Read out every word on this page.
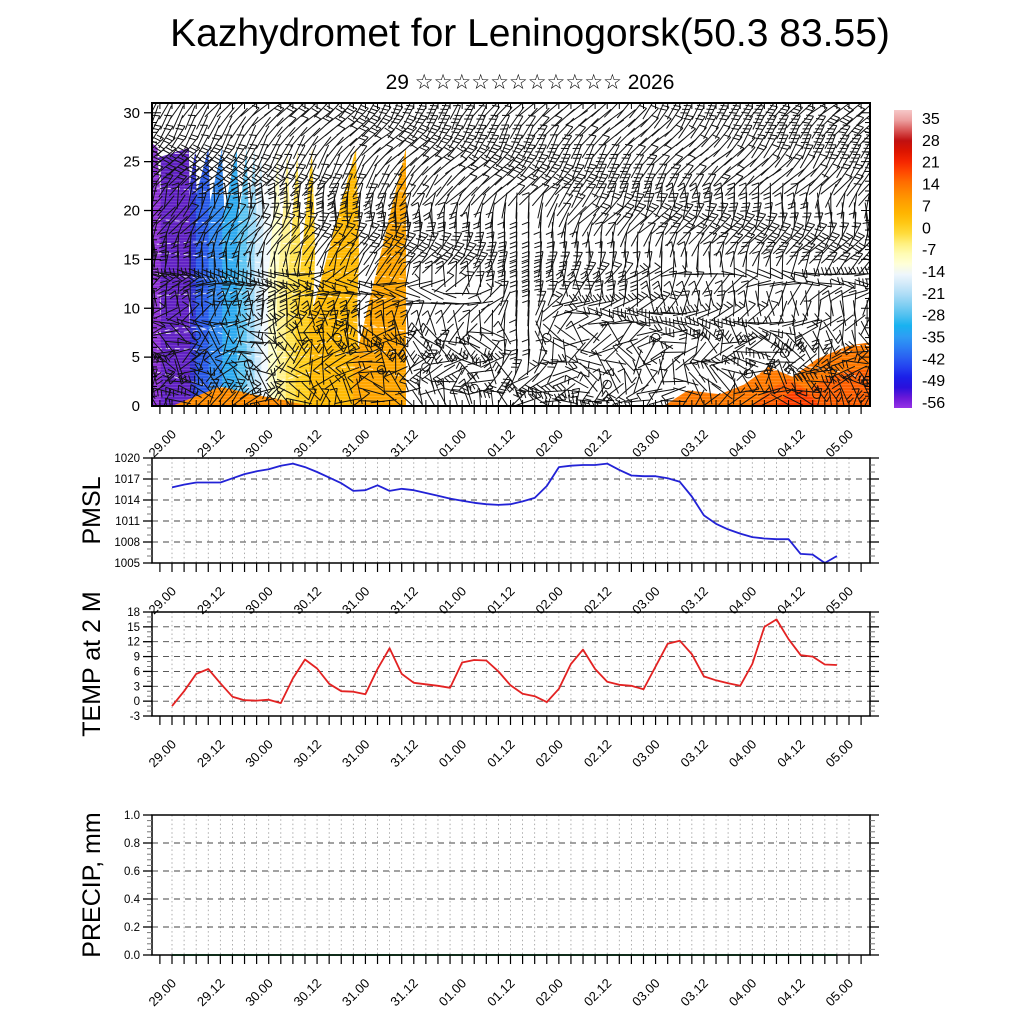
Kazhydromet for Leninogorsk(50.3 83.55)
29 ☆☆☆☆☆☆☆☆☆☆☆ 2026
0
5
10
15
20
25
30
29.00 29.12 30.00 30.12 31.00 31.12 01.00 01.12 02.00 02.12 03.00 03.12 04.00 04.12 05.00
35
28
21
14
7
0
-7
-14
-21
-28
-35
-42
-49
-56
1005
1008
1011
1014
1017
1020
29.00 29.12 30.00 30.12 31.00 31.12 01.00 01.12 02.00 02.12 03.00 03.12 04.00 04.12 05.00
PMSL
-3
0
3
6
9
12
15
18
29.00 29.12 30.00 30.12 31.00 31.12 01.00 01.12 02.00 02.12 03.00 03.12 04.00 04.12 05.00
TEMP at 2 M
0.0
0.2
0.4
0.6
0.8
1.0
29.00 29.12 30.00 30.12 31.00 31.12 01.00 01.12 02.00 02.12 03.00 03.12 04.00 04.12 05.00
PRECIP, mm
